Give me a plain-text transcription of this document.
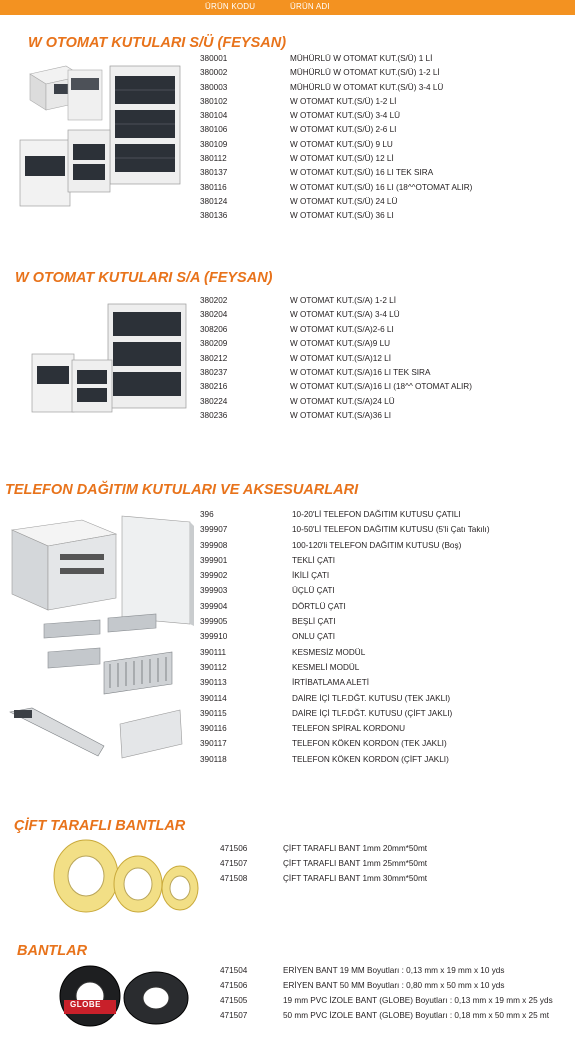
ÜRÜN KODU	ÜRÜN ADI
W OTOMAT KUTULARI S/Ü (FEYSAN)
380001	MÜHÜRLÜ W OTOMAT KUT.(S/Ü) 1 Lİ
380002	MÜHÜRLÜ W OTOMAT KUT.(S/Ü) 1-2 Lİ
380003	MÜHÜRLÜ W OTOMAT KUT.(S/Ü) 3-4 LÜ
380102	W OTOMAT KUT.(S/Ü) 1-2 Lİ
380104	W OTOMAT KUT.(S/Ü) 3-4 LÜ
380106	W OTOMAT KUT.(S/Ü) 2-6 LI
380109	W OTOMAT KUT.(S/Ü) 9 LU
380112	W OTOMAT KUT.(S/Ü) 12 Lİ
380137	W OTOMAT KUT.(S/Ü) 16 LI TEK SIRA
380116	W OTOMAT KUT.(S/Ü) 16 LI (18^^OTOMAT ALIR)
380124	W OTOMAT KUT.(S/Ü) 24 LÜ
380136	W OTOMAT KUT.(S/Ü) 36 LI
W OTOMAT KUTULARI S/A (FEYSAN)
380202	W OTOMAT KUT.(S/A) 1-2 Lİ
380204	W OTOMAT KUT.(S/A) 3-4 LÜ
308206	W OTOMAT KUT.(S/A)2-6 LI
380209	W OTOMAT KUT.(S/A)9 LU
380212	W OTOMAT KUT.(S/A)12 Lİ
380237	W OTOMAT KUT.(S/A)16 LI TEK SIRA
380216	W OTOMAT KUT.(S/A)16 LI (18^^ OTOMAT ALIR)
380224	W OTOMAT KUT.(S/A)24 LÜ
380236	W OTOMAT KUT.(S/A)36 LI
TELEFON DAĞITIM KUTULARI VE AKSESUARLARI
396	10-20'Lİ TELEFON DAĞITIM KUTUSU ÇATILI
399907	10-50'Lİ TELEFON DAĞITIM KUTUSU (5'li Çatı Takılı)
399908	100-120'li TELEFON DAĞITIM KUTUSU (Boş)
399901	TEKLİ ÇATI
399902	İKİLİ ÇATI
399903	ÜÇLÜ ÇATI
399904	DÖRTLÜ ÇATI
399905	BEŞLİ ÇATI
399910	ONLU ÇATI
390111	KESMESİZ MODÜL
390112	KESMELİ MODÜL
390113	İRTİBATLAMA ALETİ
390114	DAİRE İÇİ TLF.DĞT. KUTUSU (TEK JAKLI)
390115	DAİRE İÇİ TLF.DĞT. KUTUSU (ÇİFT JAKLI)
390116	TELEFON SPİRAL KORDONU
390117	TELEFON KÖKEN KORDON (TEK JAKLI)
390118	TELEFON KÖKEN KORDON (ÇİFT JAKLI)
ÇİFT TARAFLI BANTLAR
471506	ÇİFT TARAFLI BANT 1mm 20mm*50mt
471507	ÇİFT TARAFLI BANT 1mm 25mm*50mt
471508	ÇİFT TARAFLI BANT 1mm 30mm*50mt
BANTLAR
GLOBE
471504	ERİYEN BANT 19 MM Boyutları : 0,13 mm x 19 mm x 10 yds
471506	ERİYEN BANT 50 MM Boyutları : 0,80 mm x 50 mm x 10 yds
471505	19 mm PVC İZOLE BANT (GLOBE) Boyutları : 0,13 mm x 19 mm x 25 yds
471507	50 mm PVC İZOLE BANT (GLOBE) Boyutları : 0,18 mm x 50 mm x 25 mt
